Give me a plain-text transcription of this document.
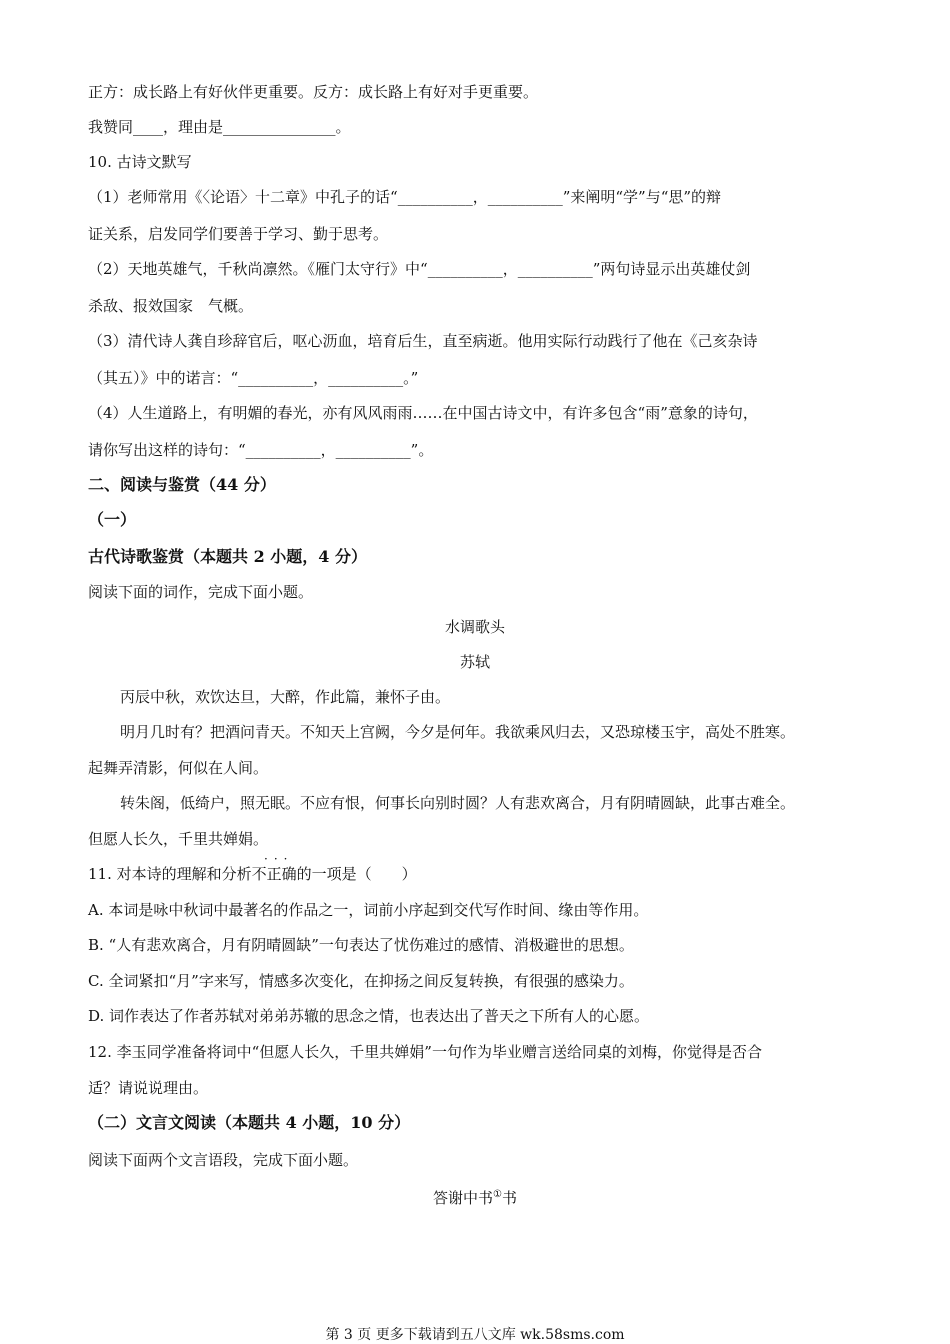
正方：成长路上有好伙伴更重要。反方：成长路上有好对手更重要。
我赞同____，理由是_______________。
10. 古诗文默写
（1）老师常用《〈论语〉十二章》中孔子的话“__________，__________”来阐明“学”与“思”的辩
证关系，启发同学们要善于学习、勤于思考。
（2）天地英雄气，千秋尚凛然。《雁门太守行》中“__________，__________”两句诗显示出英雄仗剑
杀敌、报效国家　气概。
（3）清代诗人龚自珍辞官后，呕心沥血，培育后生，直至病逝。他用实际行动践行了他在《己亥杂诗
（其五）》中的诺言：“__________，__________。”
（4）人生道路上，有明媚的春光，亦有风风雨雨……在中国古诗文中，有许多包含“雨”意象的诗句，
请你写出这样的诗句：“__________，__________”。
二、阅读与鉴赏（44 分）
（一）
古代诗歌鉴赏（本题共 2 小题，4 分）
阅读下面的词作，完成下面小题。
水调歌头
苏轼
丙辰中秋，欢饮达旦，大醉，作此篇，兼怀子由。
明月几时有？把酒问青天。不知天上宫阙，今夕是何年。我欲乘风归去，又恐琼楼玉宇，高处不胜寒。
起舞弄清影，何似在人间。
转朱阁，低绮户，照无眠。不应有恨，何事长向别时圆？人有悲欢离合，月有阴晴圆缺，此事古难全。
但愿人长久，千里共婵娟。
···
11. 对本诗的理解和分析不正确的一项是（　　）
A. 本词是咏中秋词中最著名的作品之一，词前小序起到交代写作时间、缘由等作用。
B. “人有悲欢离合，月有阴晴圆缺”一句表达了忧伤难过的感情、消极避世的思想。
C. 全词紧扣“月”字来写，情感多次变化，在抑扬之间反复转换，有很强的感染力。
D. 词作表达了作者苏轼对弟弟苏辙的思念之情，也表达出了普天之下所有人的心愿。
12. 李玉同学准备将词中“但愿人长久，千里共婵娟”一句作为毕业赠言送给同桌的刘梅，你觉得是否合
适？请说说理由。
（二）文言文阅读（本题共 4 小题，10 分）
阅读下面两个文言语段，完成下面小题。
答谢中书①书
第 3 页 更多下载请到五八文库 wk.58sms.com
